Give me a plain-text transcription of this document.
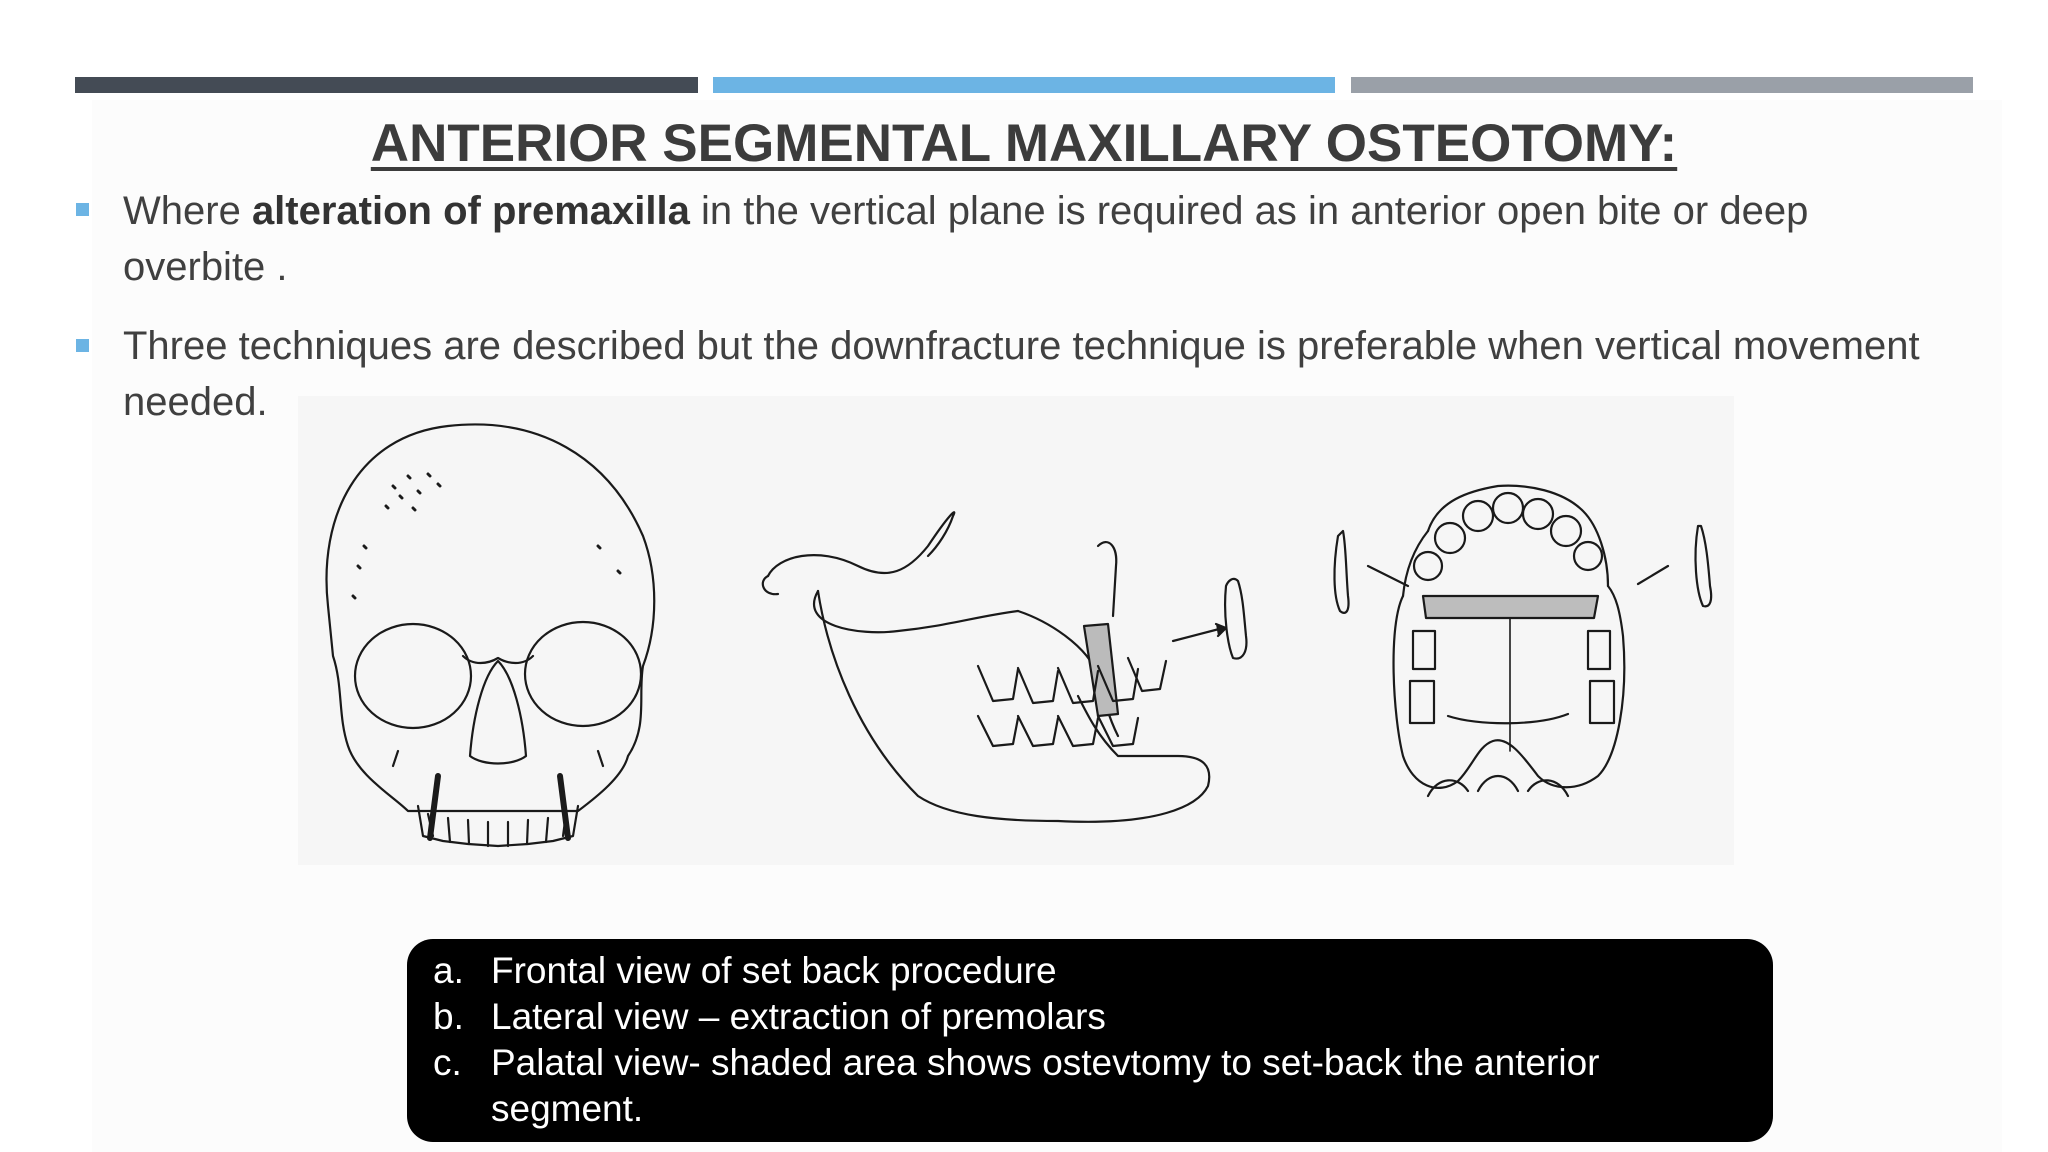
ANTERIOR SEGMENTAL MAXILLARY OSTEOTOMY:
Where alteration of premaxilla in the vertical plane is required as in anterior open bite or deep
overbite .
Three techniques are described but the downfracture technique is preferable when vertical movement
needed.
a. Frontal view of set back procedure
b. Lateral view – extraction of premolars
c. Palatal view- shaded area shows ostevtomy to set-back the anterior
segment.
